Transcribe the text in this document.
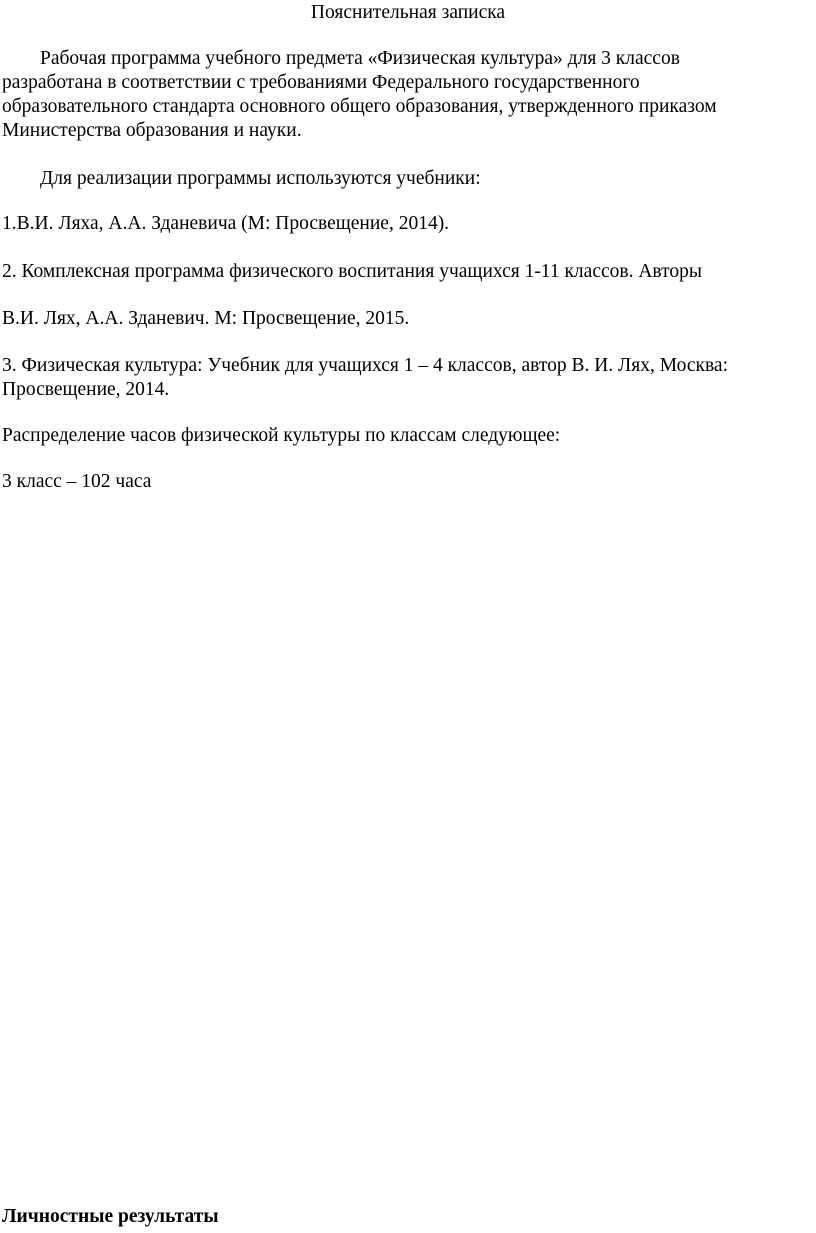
Пояснительная записка
Рабочая программа учебного предмета «Физическая культура» для 3 классов
разработана в соответствии с требованиями Федерального государственного
образовательного стандарта основного общего образования, утвержденного приказом
Министерства образования и науки.
Для реализации программы используются учебники:
1.В.И. Ляха, А.А. Зданевича (М: Просвещение, 2014).
2. Комплексная программа физического воспитания учащихся 1-11 классов. Авторы
В.И. Лях, А.А. Зданевич. М: Просвещение, 2015.
3. Физическая культура: Учебник для учащихся 1 – 4 классов, автор В. И. Лях, Москва:
Просвещение, 2014.
Распределение часов физической культуры по классам следующее:
3 класс – 102 часа
Личностные результаты
